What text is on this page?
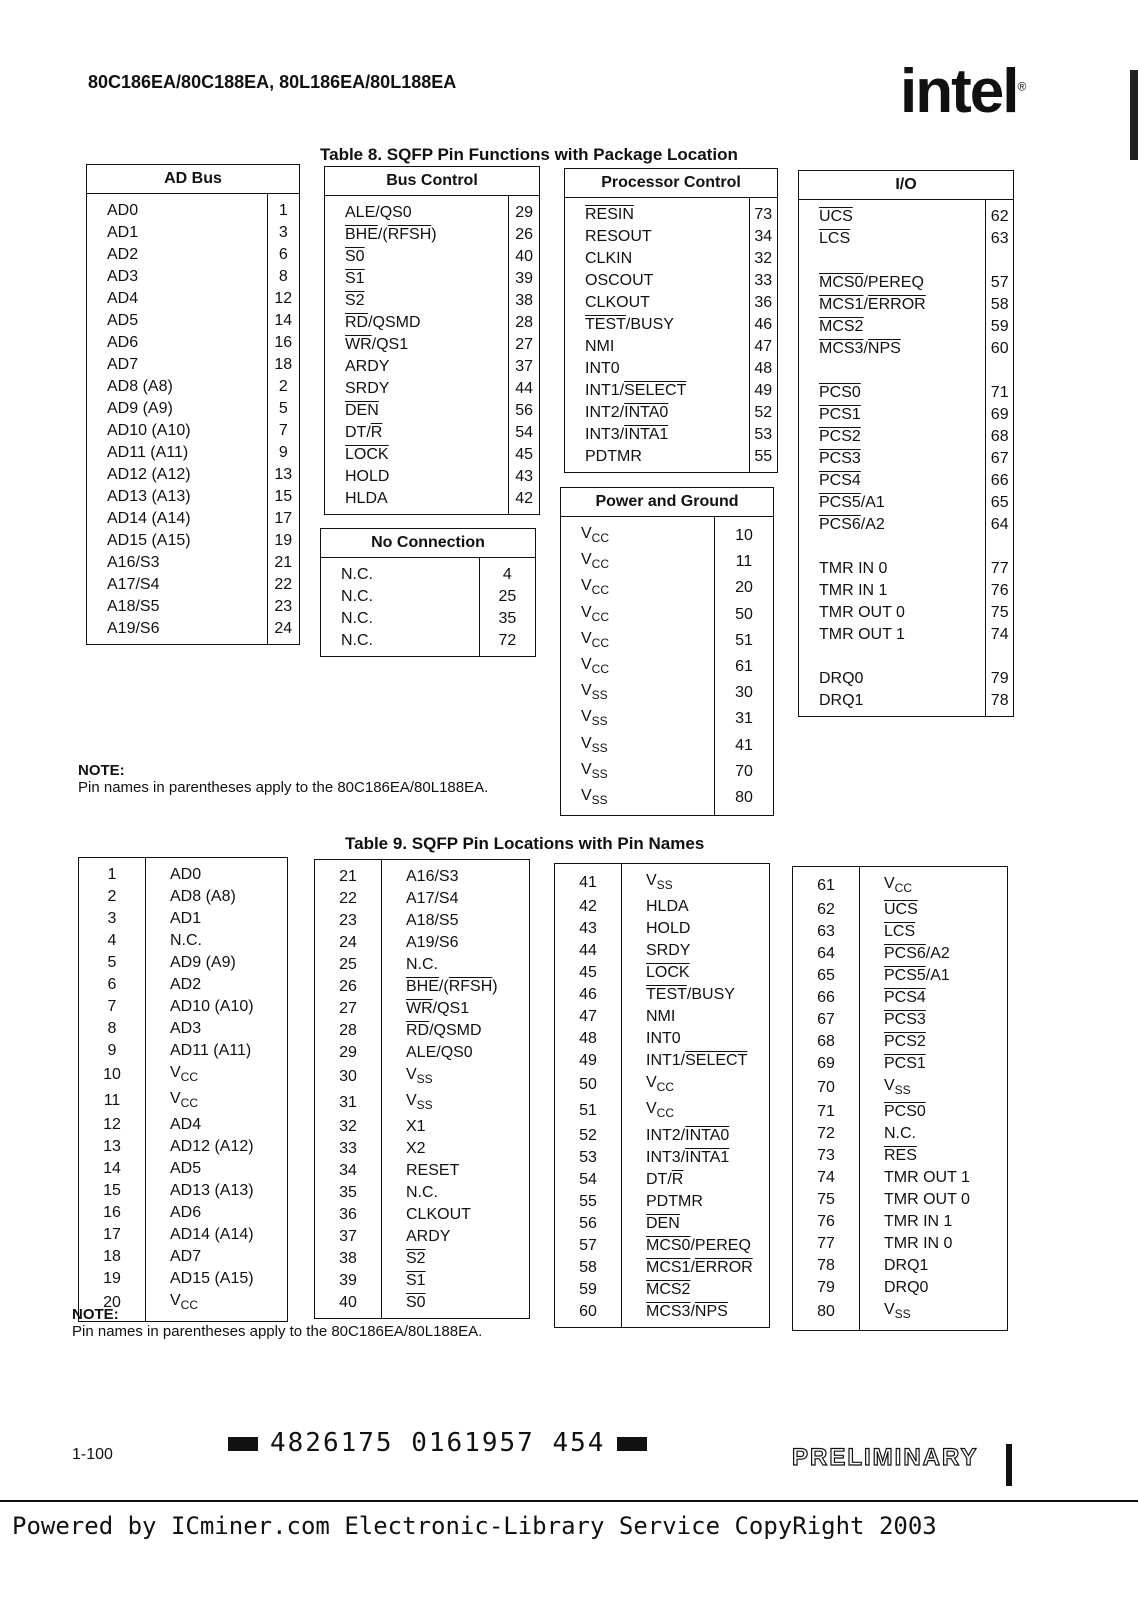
80C186EA/80C188EA, 80L186EA/80L188EA	intel®
Table 8. SQFP Pin Functions with Package Location
AD Bus	
AD0	1
AD1	3
AD2	6
AD3	8
AD4	12
AD5	14
AD6	16
AD7	18
AD8 (A8)	2
AD9 (A9)	5
AD10 (A10)	7
AD11 (A11)	9
AD12 (A12)	13
AD13 (A13)	15
AD14 (A14)	17
AD15 (A15)	19
A16/S3	21
A17/S4	22
A18/S5	23
A19/S6	24
Bus Control	
ALE/QS0	29
$\overline{BHE}/(RFSH)$	26
S0	40
S1	39
S2	38
$\overline{RD}$/QSMD	28
$\overline{WR}/QS1$	27
ARDY	37
SRDY	44
$\overline{DEN}$	56
$DT/\overline{R}$	54
LOCK	45
HOLD	43
HLDA	42
No Connection	
N.C.	4
N.C.	25
N.C.	35
N.C.	72
Processor Control	
RESIN	73
RESOUT	34
CLKIN	32
OSCOUT	33
CLKOUT	36
TEST/BUSY	46
NMI	47
INT0	48
INT1/SELECT	49
INT2/INTA0	52
INT3/INTA1	53
PDTMR	55
Power and Ground	
$V_{CC}$	10
$V_{CC}$	11
$V_{CC}$	20
$V_{CC}$	50
$V_{CC}$	51
$V_{CC}$	61
$V_{SS}$	30
$V_{SS}$	31
$V_{SS}$	41
$V_{SS}$	70
$V_{SS}$	80
I/O	
$\overline{UCS}$	62
$\overline{LCS}$	63

MCS0/PEREQ	57
MCS1/ERROR	58
MCS2	59
$MCS3/\overline{NPS}$	60

PCS0	71
PCS1	69
PCS2	68
PCS3	67
PCS4	66
PCS5/A1	65
PCS6/A2	64

TMR IN 0	77
TMR IN 1	76
TMR OUT 0	75
TMR OUT 1	74

DRQ0	79
DRQ1	78
NOTE:
Pin names in parentheses apply to the 80C186EA/80L188EA.
Table 9. SQFP Pin Locations with Pin Names
1	AD0
2	AD8 (A8)
3	AD1
4	N.C.
5	AD9 (A9)
6	AD2
7	AD10 (A10)
8	AD3
9	AD11 (A11)
10	$V_{CC}$
11	$V_{CC}$
12	AD4
13	AD12 (A12)
14	AD5
15	AD13 (A13)
16	AD6
17	AD14 (A14)
18	AD7
19	AD15 (A15)
20	$V_{CC}$
21	A16/S3
22	A17/S4
23	A18/S5
24	A19/S6
25	N.C.
26	$\overline{BHE}/(RFSH)$
27	$\overline{WR}/QS1$
28	$\overline{RD}$/QSMD
29	ALE/QS0
30	$V_{SS}$
31	$V_{SS}$
32	X1
33	X2
34	RESET
35	N.C.
36	CLKOUT
37	ARDY
38	S2
39	S1
40	S0
41	$V_{SS}$
42	HLDA
43	HOLD
44	SRDY
45	LOCK
46	TEST/BUSY
47	NMI
48	INT0
49	INT1/SELECT
50	$V_{CC}$
51	$V_{CC}$
52	INT2/INTA0
53	INT3/INTA1
54	$DT/\overline{R}$
55	PDTMR
56	$\overline{DEN}$
57	MCS0/PEREQ
58	MCS1/ERROR
59	MCS2
60	$MCS3/\overline{NPS}$
61	$V_{CC}$
62	$\overline{UCS}$
63	$\overline{LCS}$
64	PCS6/A2
65	PCS5/A1
66	PCS4
67	PCS3
68	PCS2
69	PCS1
70	$V_{SS}$
71	PCS0
72	N.C.
73	$\overline{RES}$
74	TMR OUT 1
75	TMR OUT 0
76	TMR IN 1
77	TMR IN 0
78	DRQ1
79	DRQ0
80	$V_{SS}$
NOTE:
Pin names in parentheses apply to the 80C186EA/80L188EA.
1-100	4826175 0161957 454	PRELIMINARY
Powered by ICminer.com Electronic-Library Service CopyRight 2003
